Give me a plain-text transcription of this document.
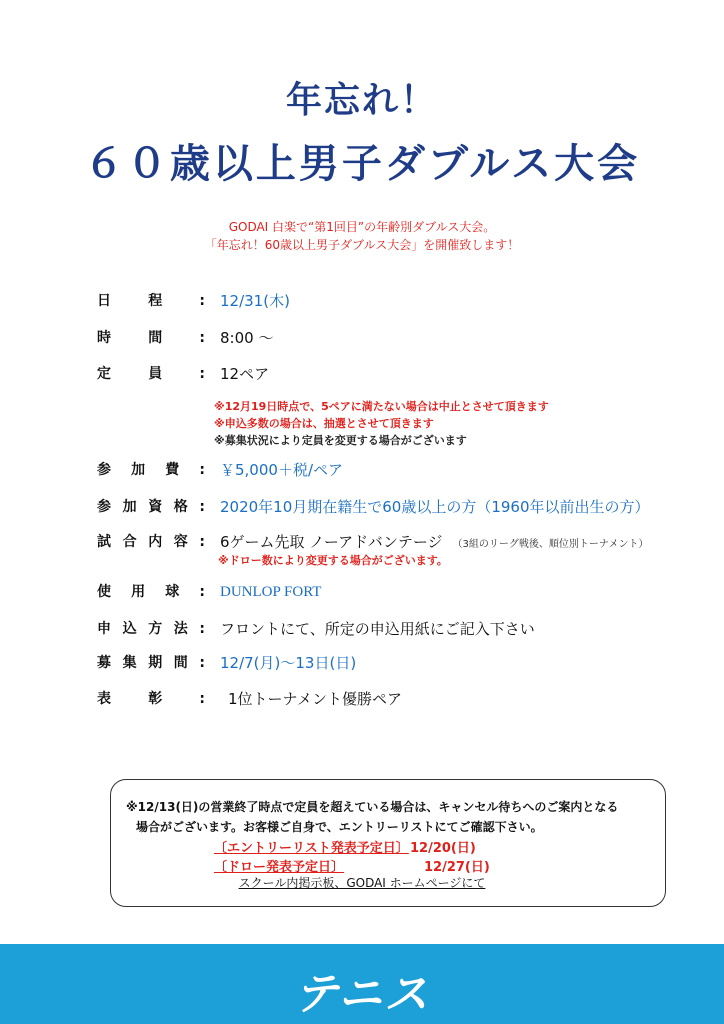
年忘れ！
６０歳以上男子ダブルス大会
GODAI 白楽で“第1回目”の年齢別ダブルス大会。
「年忘れ！60歳以上男子ダブルス大会」を開催致します！
日程: 12/31(木)
時間: 8:00 ～
定員: 12ペア
※12月19日時点で、5ペアに満たない場合は中止とさせて頂きます
※申込多数の場合は、抽選とさせて頂きます
※募集状況により定員を変更する場合がございます
参加費: ￥5,000＋税/ペア
参加資格: 2020年10月期在籍生で60歳以上の方（1960年以前出生の方）
試合内容: 6ゲーム先取 ノーアドバンテージ （3組のリーグ戦後、順位別トーナメント）
※ドロー数により変更する場合がございます。
使用球: DUNLOP FORT
申込方法: フロントにて、所定の申込用紙にご記入下さい
募集期間: 12/7(月)～13日(日)
表彰: 1位トーナメント優勝ペア
※12/13(日)の営業終了時点で定員を超えている場合は、キャンセル待ちへのご案内となる
場合がございます。お客様ご自身で、エントリーリストにてご確認下さい。
〔エントリーリスト発表予定日〕 12/20(日)
〔ドロー発表予定日〕	12/27(日)
スクール内掲示板、GODAI ホームページにて
テニス
